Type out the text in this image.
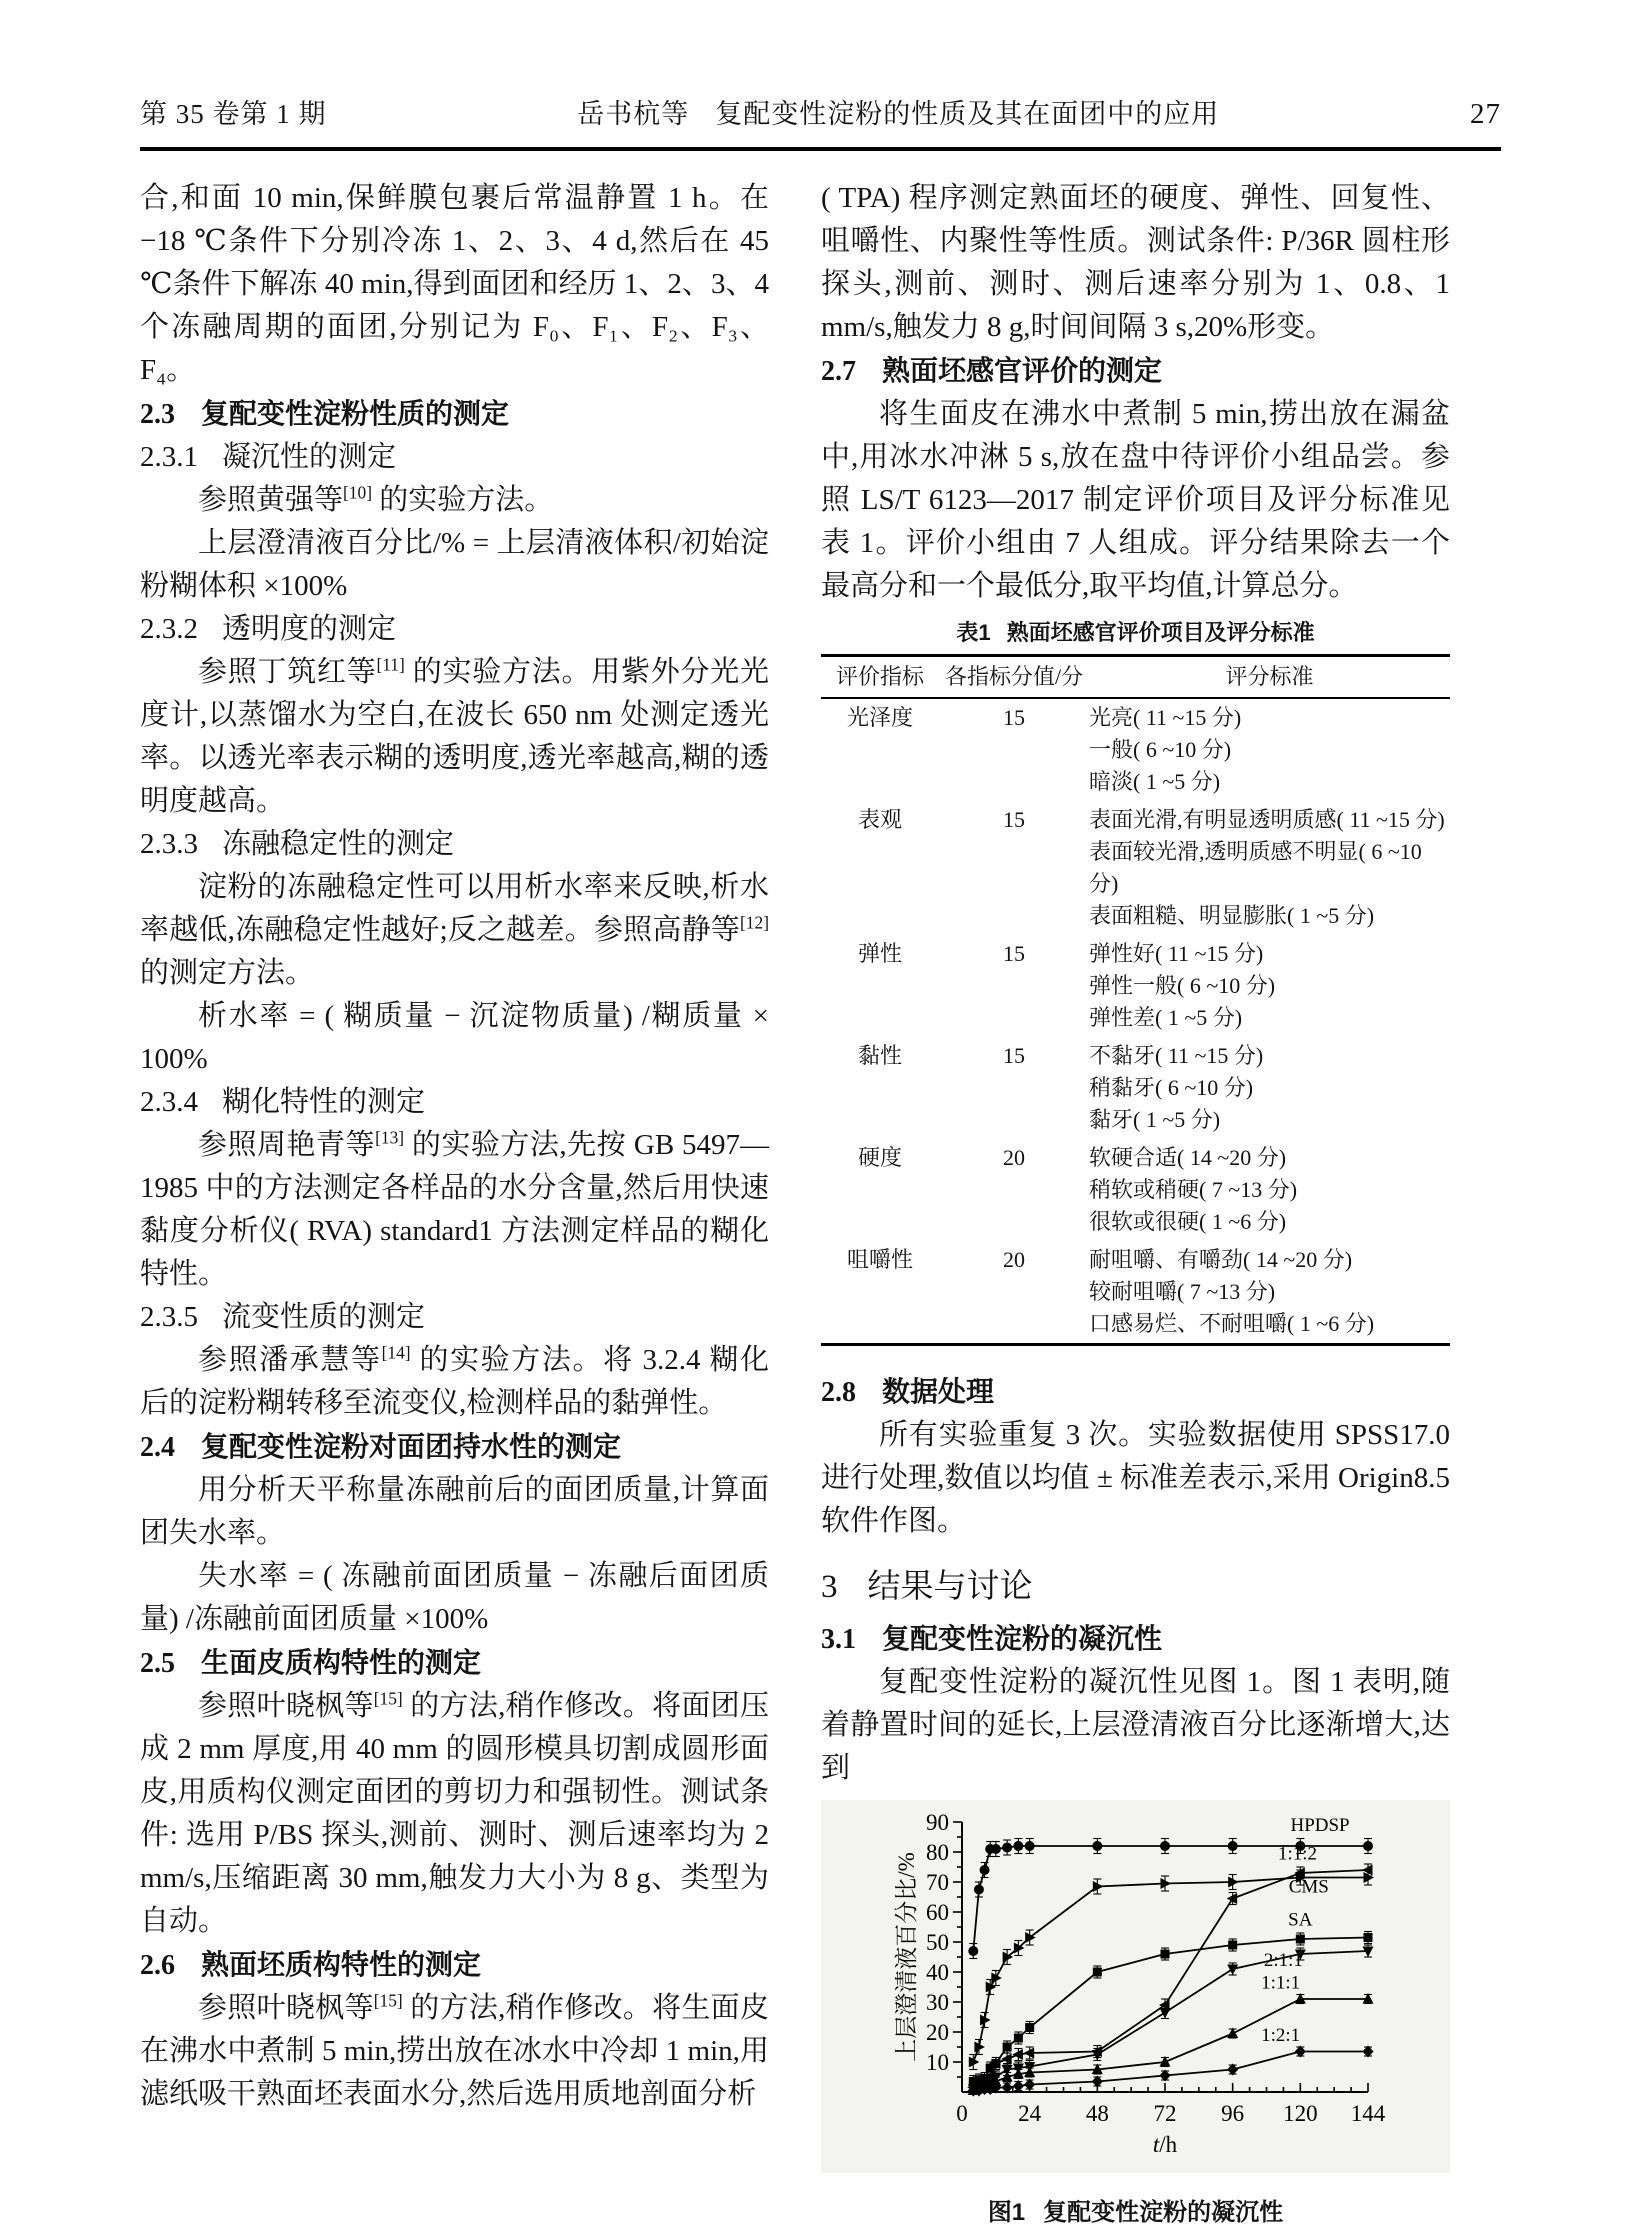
第 35 卷第 1 期	岳书杭等 复配变性淀粉的性质及其在面团中的应用	27

合,和面 10 min,保鲜膜包裹后常温静置 1 h。在 −18 ℃条件下分别冷冻 1、2、3、4 d,然后在 45 ℃条件下解冻 40 min,得到面团和经历 1、2、3、4 个冻融周期的面团,分别记为 F₀、F₁、F₂、F₃、F₄。

2.3 复配变性淀粉性质的测定
2.3.1 凝沉性的测定

参照黄强等[10] 的实验方法。

上层澄清液百分比/% = 上层清液体积/初始淀粉糊体积 ×100%

2.3.2 透明度的测定

参照丁筑红等[11] 的实验方法。用紫外分光光度计,以蒸馏水为空白,在波长 650 nm 处测定透光率。以透光率表示糊的透明度,透光率越高,糊的透明度越高。

2.3.3 冻融稳定性的测定

淀粉的冻融稳定性可以用析水率来反映,析水率越低,冻融稳定性越好;反之越差。参照高静等[12] 的测定方法。

析水率 = ( 糊质量 − 沉淀物质量) /糊质量 × 100%

2.3.4 糊化特性的测定

参照周艳青等[13] 的实验方法,先按 GB 5497—1985 中的方法测定各样品的水分含量,然后用快速黏度分析仪( RVA) standard1 方法测定样品的糊化特性。

2.3.5 流变性质的测定

参照潘承慧等[14] 的实验方法。将 3.2.4 糊化后的淀粉糊转移至流变仪,检测样品的黏弹性。

2.4 复配变性淀粉对面团持水性的测定

用分析天平称量冻融前后的面团质量,计算面团失水率。

失水率 = ( 冻融前面团质量 − 冻融后面团质量) /冻融前面团质量 ×100%

2.5 生面皮质构特性的测定

参照叶晓枫等[15] 的方法,稍作修改。将面团压成 2 mm 厚度,用 40 mm 的圆形模具切割成圆形面皮,用质构仪测定面团的剪切力和强韧性。测试条件: 选用 P/BS 探头,测前、测时、测后速率均为 2 mm/s,压缩距离 30 mm,触发力大小为 8 g、类型为自动。

2.6 熟面坯质构特性的测定

参照叶晓枫等[15] 的方法,稍作修改。将生面皮在沸水中煮制 5 min,捞出放在冰水中冷却 1 min,用滤纸吸干熟面坯表面水分,然后选用质地剖面分析

( TPA) 程序测定熟面坯的硬度、弹性、回复性、咀嚼性、内聚性等性质。测试条件: P/36R 圆柱形探头,测前、测时、测后速率分别为 1、0.8、1 mm/s,触发力 8 g,时间间隔 3 s,20%形变。

2.7 熟面坯感官评价的测定

将生面皮在沸水中煮制 5 min,捞出放在漏盆中,用冰水冲淋 5 s,放在盘中待评价小组品尝。参照 LS/T 6123—2017 制定评价项目及评分标准见表 1。评价小组由 7 人组成。评分结果除去一个最高分和一个最低分,取平均值,计算总分。

表1 熟面坯感官评价项目及评分标准
评价指标	各指标分值/分	评分标准
光泽度	15	光亮( 11 ~15 分)
一般( 6 ~10 分)
暗淡( 1 ~5 分)

表观	15	表面光滑,有明显透明质感( 11 ~15 分)
表面较光滑,透明质感不明显( 6 ~10 分)
表面粗糙、明显膨胀( 1 ~5 分)

弹性	15	弹性好( 11 ~15 分)
弹性一般( 6 ~10 分)
弹性差( 1 ~5 分)

黏性	15	不黏牙( 11 ~15 分)
稍黏牙( 6 ~10 分)
黏牙( 1 ~5 分)

硬度	20	软硬合适( 14 ~20 分)
稍软或稍硬( 7 ~13 分)
很软或很硬( 1 ~6 分)

咀嚼性	20	耐咀嚼、有嚼劲( 14 ~20 分)
较耐咀嚼( 7 ~13 分)
口感易烂、不耐咀嚼( 1 ~6 分)
2.8 数据处理

所有实验重复 3 次。实验数据使用 SPSS17.0 进行处理,数值以均值 ± 标准差表示,采用 Origin8.5 软件作图。

3 结果与讨论
3.1 复配变性淀粉的凝沉性

复配变性淀粉的凝沉性见图 1。图 1 表明,随着静置时间的延长,上层澄清液百分比逐渐增大,达到

10
20
30
40
50
60
70
80
90
0 24 48 72 96 120 144
HPDSP
1:1:2
CMS
SA
2:1:1
1:1:1
1:2:1
上层澄清液百分比/%
t/h
图1 复配变性淀粉的凝沉性
